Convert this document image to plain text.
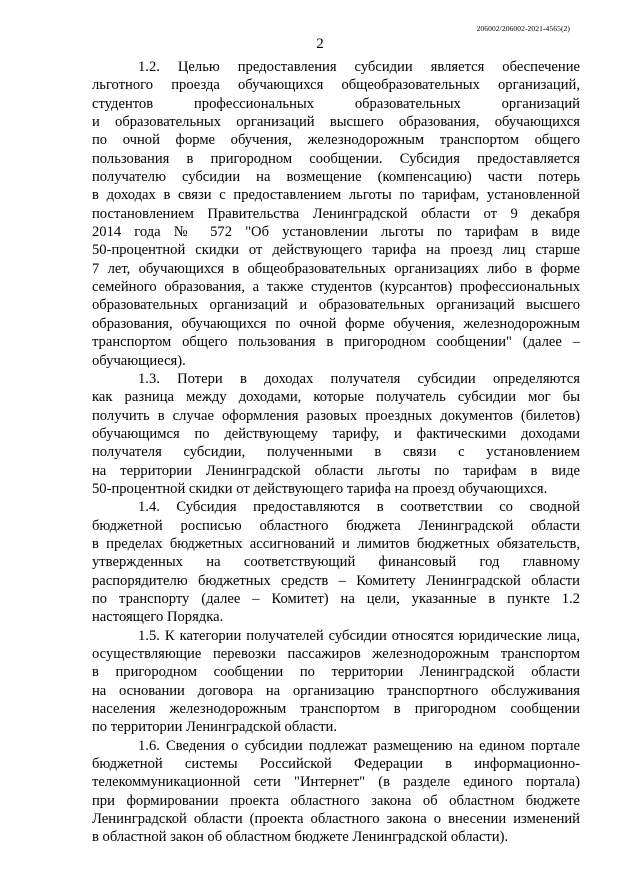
206002/206002-2021-4565(2)
2
1.2. Целью предоставления субсидии является обеспечение
льготного проезда обучающихся общеобразовательных организаций,
студентов профессиональных образовательных организаций
и образовательных организаций высшего образования, обучающихся
по очной форме обучения, железнодорожным транспортом общего
пользования в пригородном сообщении. Субсидия предоставляется
получателю субсидии на возмещение (компенсацию) части потерь
в доходах в связи с предоставлением льготы по тарифам, установленной
постановлением Правительства Ленинградской области от 9 декабря
2014 года № 572 "Об установлении льготы по тарифам в виде
50-процентной скидки от действующего тарифа на проезд лиц старше
7 лет, обучающихся в общеобразовательных организациях либо в форме
семейного образования, а также студентов (курсантов) профессиональных
образовательных организаций и образовательных организаций высшего
образования, обучающихся по очной форме обучения, железнодорожным
транспортом общего пользования в пригородном сообщении" (далее –
обучающиеся).
1.3. Потери в доходах получателя субсидии определяются
как разница между доходами, которые получатель субсидии мог бы
получить в случае оформления разовых проездных документов (билетов)
обучающимся по действующему тарифу, и фактическими доходами
получателя субсидии, полученными в связи с установлением
на территории Ленинградской области льготы по тарифам в виде
50-процентной скидки от действующего тарифа на проезд обучающихся.
1.4. Субсидия предоставляются в соответствии со сводной
бюджетной росписью областного бюджета Ленинградской области
в пределах бюджетных ассигнований и лимитов бюджетных обязательств,
утвержденных на соответствующий финансовый год главному
распорядителю бюджетных средств – Комитету Ленинградской области
по транспорту (далее – Комитет) на цели, указанные в пункте 1.2
настоящего Порядка.
1.5. К категории получателей субсидии относятся юридические лица,
осуществляющие перевозки пассажиров железнодорожным транспортом
в пригородном сообщении по территории Ленинградской области
на основании договора на организацию транспортного обслуживания
населения железнодорожным транспортом в пригородном сообщении
по территории Ленинградской области.
1.6. Сведения о субсидии подлежат размещению на едином портале
бюджетной системы Российской Федерации в информационно-
телекоммуникационной сети "Интернет" (в разделе единого портала)
при формировании проекта областного закона об областном бюджете
Ленинградской области (проекта областного закона о внесении изменений
в областной закон об областном бюджете Ленинградской области).
